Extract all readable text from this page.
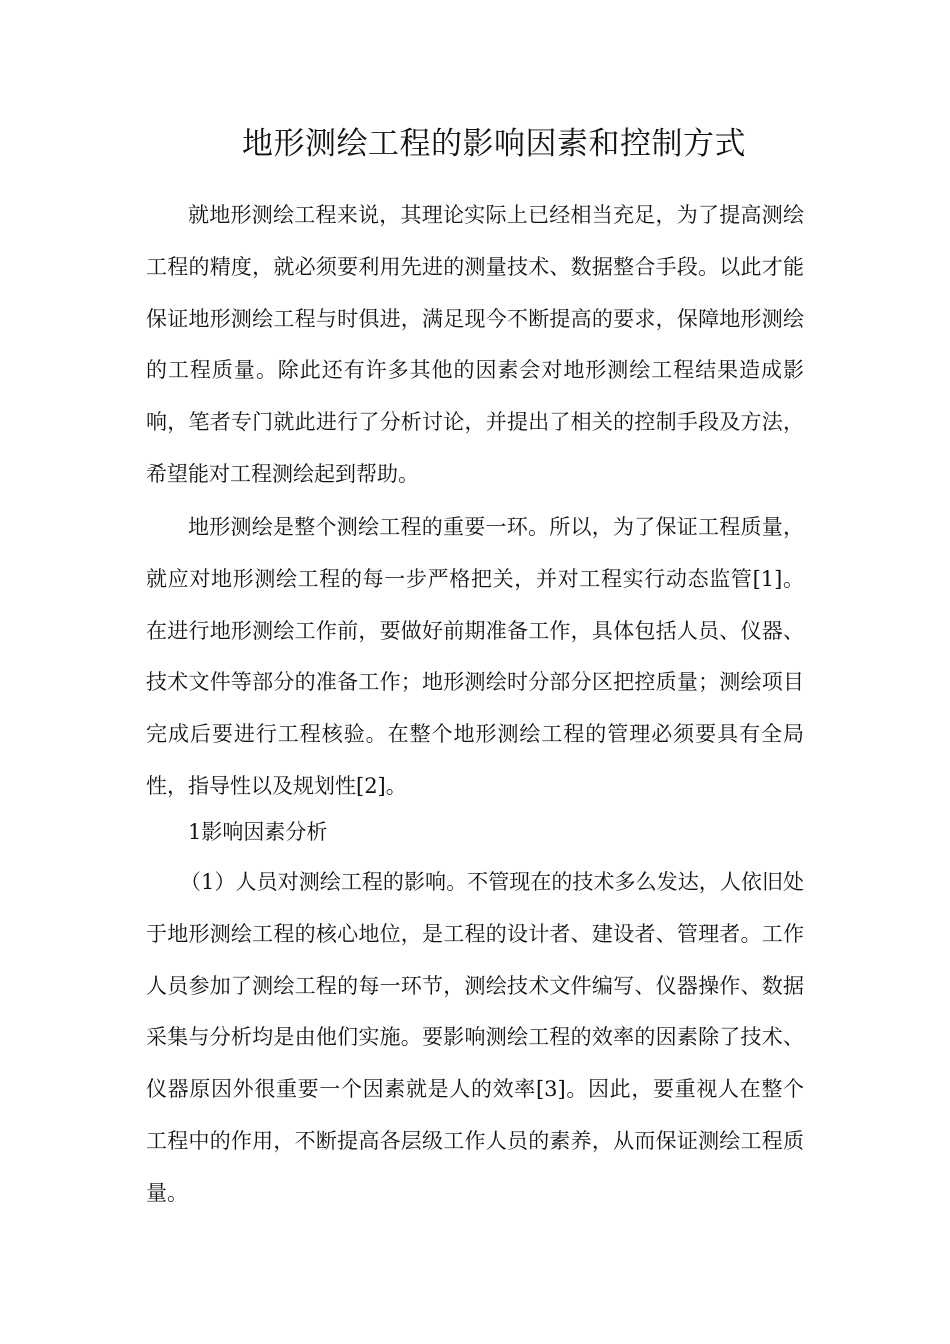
地形测绘工程的影响因素和控制方式

就地形测绘工程来说，其理论实际上已经相当充足，为了提高测绘工程的精度，就必须要利用先进的测量技术、数据整合手段。以此才能保证地形测绘工程与时俱进，满足现今不断提高的要求，保障地形测绘的工程质量。除此还有许多其他的因素会对地形测绘工程结果造成影响，笔者专门就此进行了分析讨论，并提出了相关的控制手段及方法，希望能对工程测绘起到帮助。

地形测绘是整个测绘工程的重要一环。所以，为了保证工程质量，就应对地形测绘工程的每一步严格把关，并对工程实行动态监管[1]。在进行地形测绘工作前，要做好前期准备工作，具体包括人员、仪器、技术文件等部分的准备工作；地形测绘时分部分区把控质量；测绘项目完成后要进行工程核验。在整个地形测绘工程的管理必须要具有全局性，指导性以及规划性[2]。

1影响因素分析

（1）人员对测绘工程的影响。不管现在的技术多么发达，人依旧处于地形测绘工程的核心地位，是工程的设计者、建设者、管理者。工作人员参加了测绘工程的每一环节，测绘技术文件编写、仪器操作、数据采集与分析均是由他们实施。要影响测绘工程的效率的因素除了技术、仪器原因外很重要一个因素就是人的效率[3]。因此，要重视人在整个工程中的作用，不断提高各层级工作人员的素养，从而保证测绘工程质量。
